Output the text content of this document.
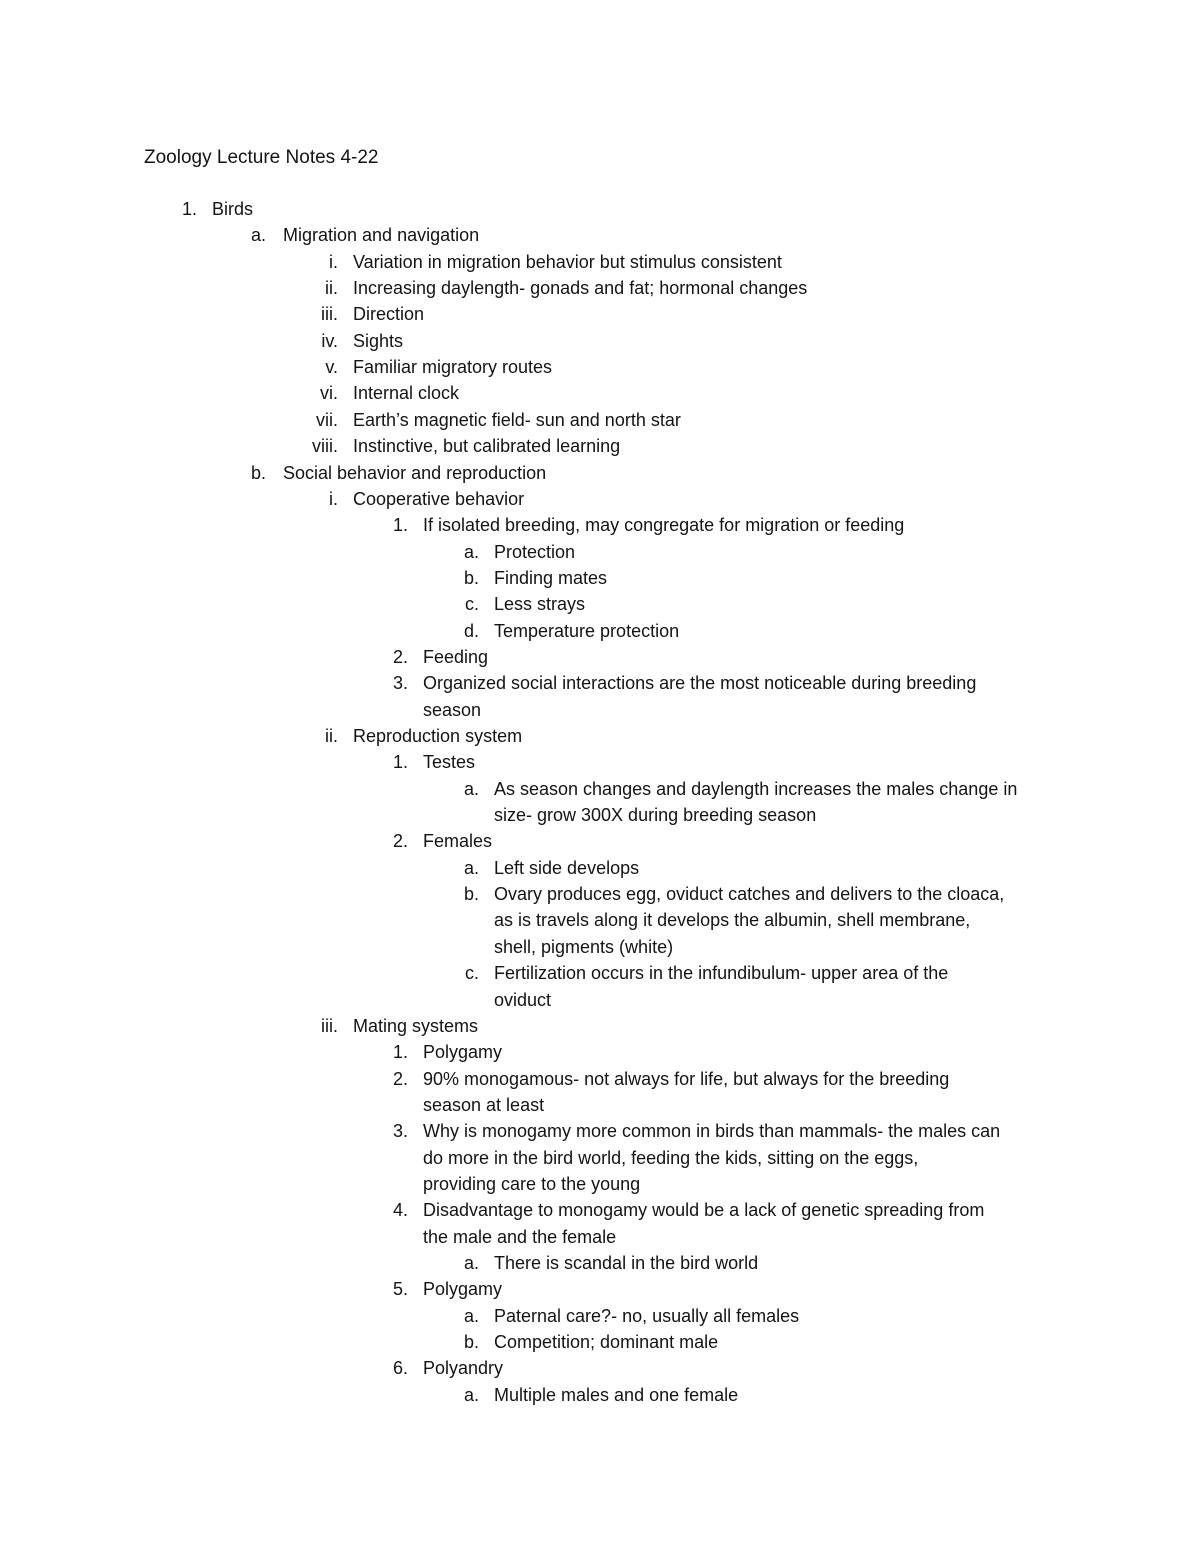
Zoology Lecture Notes 4-22
1. Birds
a. Migration and navigation
i. Variation in migration behavior but stimulus consistent
ii. Increasing daylength- gonads and fat; hormonal changes
iii. Direction
iv. Sights
v. Familiar migratory routes
vi. Internal clock
vii. Earth’s magnetic field- sun and north star
viii. Instinctive, but calibrated learning
b. Social behavior and reproduction
i. Cooperative behavior
1. If isolated breeding, may congregate for migration or feeding
a. Protection
b. Finding mates
c. Less strays
d. Temperature protection
2. Feeding
3. Organized social interactions are the most noticeable during breeding
season
ii. Reproduction system
1. Testes
a. As season changes and daylength increases the males change in
size- grow 300X during breeding season
2. Females
a. Left side develops
b. Ovary produces egg, oviduct catches and delivers to the cloaca,
as is travels along it develops the albumin, shell membrane,
shell, pigments (white)
c. Fertilization occurs in the infundibulum- upper area of the
oviduct
iii. Mating systems
1. Polygamy
2. 90% monogamous- not always for life, but always for the breeding
season at least
3. Why is monogamy more common in birds than mammals- the males can
do more in the bird world, feeding the kids, sitting on the eggs,
providing care to the young
4. Disadvantage to monogamy would be a lack of genetic spreading from
the male and the female
a. There is scandal in the bird world
5. Polygamy
a. Paternal care?- no, usually all females
b. Competition; dominant male
6. Polyandry
a. Multiple males and one female
